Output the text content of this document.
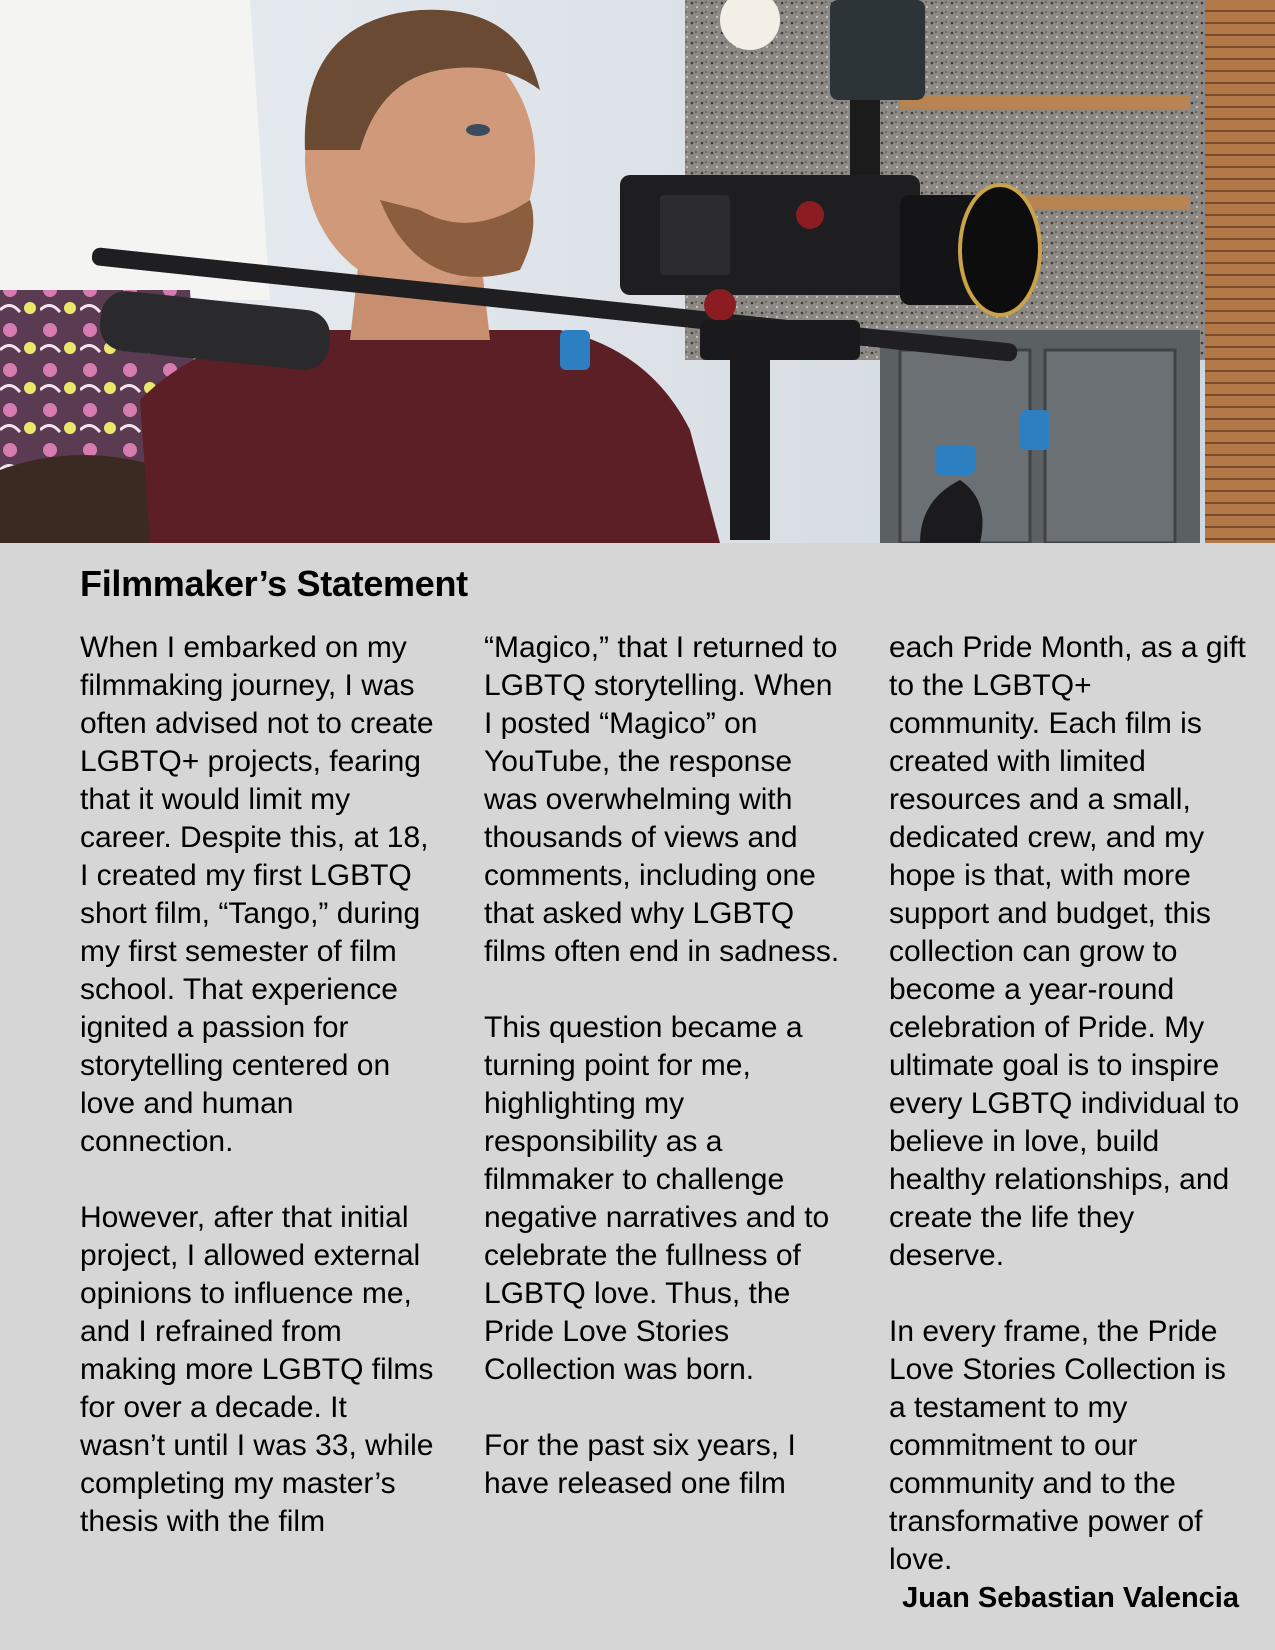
Filmmaker’s Statement

When I embarked on my filmmaking journey, I was often advised not to create LGBTQ+ projects, fearing that it would limit my career. Despite this, at 18, I created my first LGBTQ short film, “Tango,” during my first semester of film school. That experience ignited a passion for storytelling centered on love and human connection.

However, after that initial project, I allowed external opinions to influence me, and I refrained from making more LGBTQ films for over a decade. It wasn’t until I was 33, while completing my master’s thesis with the film

“Magico,” that I returned to LGBTQ storytelling. When I posted “Magico” on YouTube, the response was overwhelming with thousands of views and comments, including one that asked why LGBTQ films often end in sadness.

This question became a turning point for me, highlighting my responsibility as a filmmaker to challenge negative narratives and to celebrate the fullness of LGBTQ love. Thus, the Pride Love Stories Collection was born.

For the past six years, I have released one film

each Pride Month, as a gift to the LGBTQ+ community. Each film is created with limited resources and a small, dedicated crew, and my hope is that, with more support and budget, this collection can grow to become a year-round celebration of Pride. My ultimate goal is to inspire every LGBTQ individual to believe in love, build healthy relationships, and create the life they deserve.

In every frame, the Pride Love Stories Collection is a testament to my commitment to our community and to the transformative power of love.

Juan Sebastian Valencia
